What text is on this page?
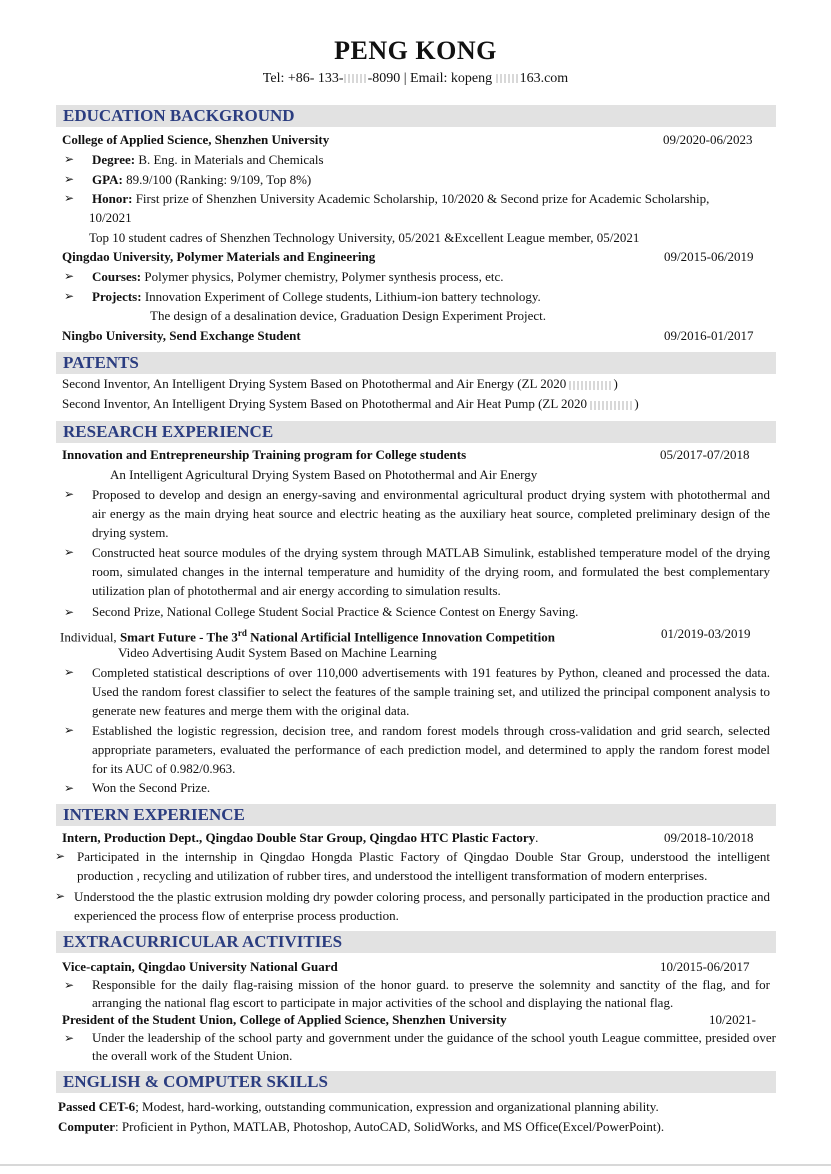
PENG KONG
Tel: +86- 133- -8090 | Email: kopeng 163.com
EDUCATION BACKGROUND
College of Applied Science, Shenzhen University	09/2020-06/2023
➢ Degree: B. Eng. in Materials and Chemicals
➢ GPA: 89.9/100 (Ranking: 9/109, Top 8%)
➢ Honor: First prize of Shenzhen University Academic Scholarship, 10/2020 & Second prize for Academic Scholarship,
10/2021
Top 10 student cadres of Shenzhen Technology University, 05/2021 &Excellent League member, 05/2021
Qingdao University, Polymer Materials and Engineering	09/2015-06/2019
➢ Courses: Polymer physics, Polymer chemistry, Polymer synthesis process, etc.
➢ Projects: Innovation Experiment of College students, Lithium-ion battery technology.
The design of a desalination device, Graduation Design Experiment Project.
Ningbo University, Send Exchange Student	09/2016-01/2017
PATENTS
Second Inventor, An Intelligent Drying System Based on Photothermal and Air Energy (ZL 2020	)
Second Inventor, An Intelligent Drying System Based on Photothermal and Air Heat Pump (ZL 2020	)
RESEARCH EXPERIENCE
Innovation and Entrepreneurship Training program for College students	05/2017-07/2018
An Intelligent Agricultural Drying System Based on Photothermal and Air Energy
➢ Proposed to develop and design an energy-saving and environmental agricultural product drying system with photothermal and air energy as the main drying heat source and electric heating as the auxiliary heat source, completed preliminary design of the drying system.
➢ Constructed heat source modules of the drying system through MATLAB Simulink, established temperature model of the drying room, simulated changes in the internal temperature and humidity of the drying room, and formulated the best complementary utilization plan of photothermal and air energy according to simulation results.
➢ Second Prize, National College Student Social Practice & Science Contest on Energy Saving.
Individual, Smart Future - The 3rd National Artificial Intelligence Innovation Competition	01/2019-03/2019
Video Advertising Audit System Based on Machine Learning
➢ Completed statistical descriptions of over 110,000 advertisements with 191 features by Python, cleaned and processed the data. Used the random forest classifier to select the features of the sample training set, and utilized the principal component analysis to generate new features and merge them with the original data.
➢ Established the logistic regression, decision tree, and random forest models through cross-validation and grid search, selected appropriate parameters, evaluated the performance of each prediction model, and determined to apply the random forest model for its AUC of 0.982/0.963.
➢ Won the Second Prize.
INTERN EXPERIENCE
Intern, Production Dept., Qingdao Double Star Group, Qingdao HTC Plastic Factory.	09/2018-10/2018
➢ Participated in the internship in Qingdao Hongda Plastic Factory of Qingdao Double Star Group, understood the intelligent production , recycling and utilization of rubber tires, and understood the intelligent transformation of modern enterprises.
➢ Understood the the plastic extrusion molding dry powder coloring process, and personally participated in the production practice and experienced the process flow of enterprise process production.
EXTRACURRICULAR ACTIVITIES
Vice-captain, Qingdao University National Guard	10/2015-06/2017
➢ Responsible for the daily flag-raising mission of the honor guard. to preserve the solemnity and sanctity of the flag, and for arranging the national flag escort to participate in major activities of the school and displaying the national flag.
President of the Student Union, College of Applied Science, Shenzhen University	10/2021-
➢ Under the leadership of the school party and government under the guidance of the school youth League committee, presided over the overall work of the Student Union.
ENGLISH & COMPUTER SKILLS
Passed CET-6; Modest, hard-working, outstanding communication, expression and organizational planning ability.
Computer: Proficient in Python, MATLAB, Photoshop, AutoCAD, SolidWorks, and MS Office(Excel/PowerPoint).
